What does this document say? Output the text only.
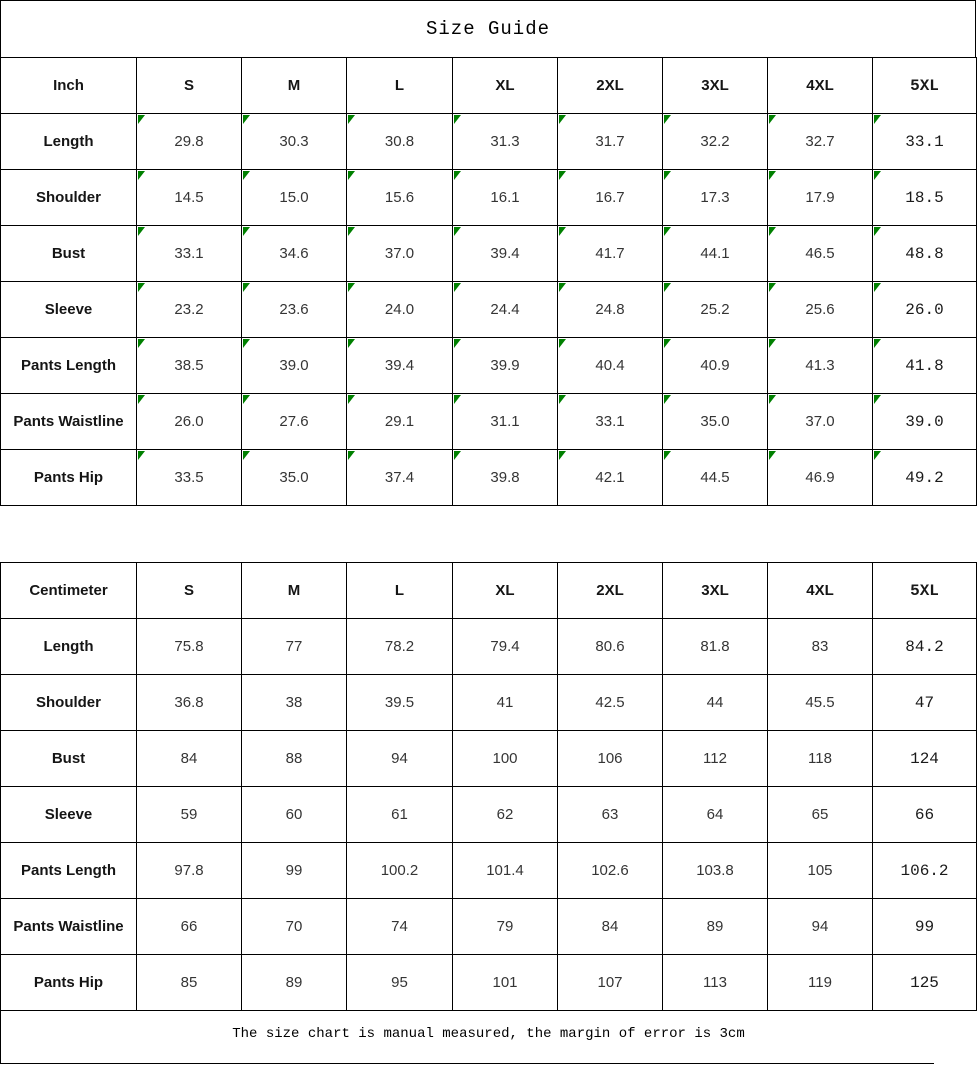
Size Guide
Inch	S	M	L	XL	2XL	3XL	4XL	5XL
Length	29.8	30.3	30.8	31.3	31.7	32.2	32.7	33.1
Shoulder	14.5	15.0	15.6	16.1	16.7	17.3	17.9	18.5
Bust	33.1	34.6	37.0	39.4	41.7	44.1	46.5	48.8
Sleeve	23.2	23.6	24.0	24.4	24.8	25.2	25.6	26.0
Pants Length	38.5	39.0	39.4	39.9	40.4	40.9	41.3	41.8
Pants Waistline	26.0	27.6	29.1	31.1	33.1	35.0	37.0	39.0
Pants Hip	33.5	35.0	37.4	39.8	42.1	44.5	46.9	49.2
Centimeter	S	M	L	XL	2XL	3XL	4XL	5XL
Length	75.8	77	78.2	79.4	80.6	81.8	83	84.2
Shoulder	36.8	38	39.5	41	42.5	44	45.5	47
Bust	84	88	94	100	106	112	118	124
Sleeve	59	60	61	62	63	64	65	66
Pants Length	97.8	99	100.2	101.4	102.6	103.8	105	106.2
Pants Waistline	66	70	74	79	84	89	94	99
Pants Hip	85	89	95	101	107	113	119	125
The size chart is manual measured, the margin of error is 3cm
